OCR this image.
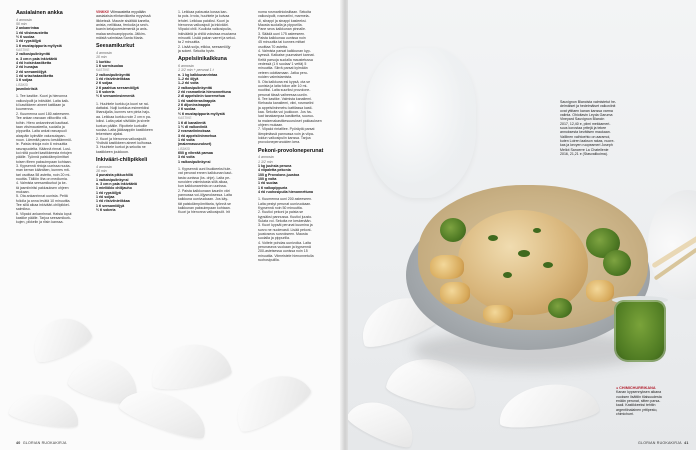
Aasialainen ankka
4 annosta
50 min
2 ankanrintaa
1 rkl viisimaustetta
½ tl suolaa
1 rkl rypsiöljyä
1 tl mustapippuria myllystä
KASTIKE
2 valkosipulinkynttä
n. 3 cm:n pala inkivääriä
4 rkl hoisinkastiketta
2 rkl hunajaa
2 rkl seesamiöljyä
1 rkl sriachakastiketta
1 tl soijaa
LISÄKSI
jasmiiniriisiä
1. Tee kastike. Kuori ja hienonna
valkosipulit ja inkivääri. Laita kaik-
ki kastikkeen aineet kattilaan ja
kuumenna.
2. Kuumenna uuni 180 asteeseen.
Tee ankan rasvaan viiltoviilto viil-
toihin. Hiero ankanrinnat kauttaal-
taan viisimausteella, suolalla ja
pippurilla. Laita ankat rasvapuoli
alaspäin kylmälle valurautapan-
nuun. Lämmitä pannu keskilämmöl-
le. Paista rintoja noin 6 minuuttia
rasvapuolelta. Käännä rinnat. Lusi-
koi niitä puolet kastikkeesta rintojen
päälle. Työnnä paistolämpömittari
toisen fileen paksuimpaan kohtaan.
3. Kypsennä rintoja uunissa nuuta-
man kerran kääntäen, kunnes mit-
tari osoittaa 58 astetta, noin 20 mi-
nuuttia. Tällöin liha on mediumia.
4. Valmista seesamikurkut ja ke-
tä jasmiiniriisi pakkauksen ohjeen
mukaan.
5. Ota ankanrinnat uunista. Peitä
foliolla ja anna levätä 10 minuuttia.
Tee sillä aikaa inkivääri-chilipikkel-
salmikso.
6. Viipaloi ankanrinnat. Hatsia loput
kastike päälle. Tarjoa seesamikurk-
kujen, pikkelin ja riisin kanssa.
VINKKI! Viiimausteita myydään
aasialaisia elintarvikkeita myyvissä
liikkeissä. Mauste sisältää kanelia,
anista, neilikkaa, fenkolia ja sech-
tuanin kelajuuresiemeniä ja anis-
malaa sechuanpippuria. Jälkim-
mäistä valmistaa Santa Maria.
Seesamikurkut
4 annosta
10 min
1 kurkku
1 tl sormisuolaa
KASTIKE
2 valkosipulinkynttä
1 rkl riisiviinietikkaa
2 tl soijaa
2 tl paahtua seesamiöljyä
1 tl sokeria
½ tl seesaminsiemeniä
1. Huuhtele kurkku ja kuori se rai-
dattaksi. Nuiji kurkkua esimerkiksi
lihanuijalla, kunnes sen pinta hajo-
aa. Leikkaa kurkku noin 2 cm:n pa-
loiksi. Laita palat siivilään ja sivele
kurkun päälle. Ripottele kurkuille
suolaa. Laita jääkaappiin kastikkeen
tekemisen ajaksi.
2. Kuori ja hienonna valkosipulit.
Yhdistä kastikkeen aineet kulhossa.
3. Huuhtele kurkut ja sekoita ne
kastikkeen joukkoon.
Inkivääri-chilipikkeli
4 annosta
10 min
4 punaista pikkuchiliä
1 valkosipulinkynsi
n. 3 cm:n pala inkivääriä
1 mieliöklo chilijauho
1 rkl rypsiöljyä
1 rkl soijaa
1 rkl riisiviinietikkaa
1 tl seesamiöljyä
½ tl sokeria
1. Leikkaa paksusta kossa kan-
ta pois. Irrota, huuhtele ja kuivaa
lehdet. Leikkaa paloiksi. Kuori ja
hienonna valkosipuli ja inkivääri.
Viipaloi chili. Kuullota valkosipulia,
inkivääriä ja chiliä voksissa muutama
minuutti. Lisää pakan varret ja sekoi-
ta 2 minuuttia.
2. Lisää soija, etikka, seesamiöljy
ja sokeri. Sekoita hyvin.
Appelsiinikalkkuna
6 annosta
1 1/2 min + perunat 1 t
n. 1 kg kalkkunanrintaa
1–2 rkl öljyä
1–2 rkl voita
2 valkosipulinkynttä
2 rkl rosmariinia hienonnettuna
2 dl appelsiinin tuoremehua
1 rkl vaahterasiirappia
2 tl dijoninsinappia
2 tl suolaa
½ tl mustapippuria myllystä
KASTIKE
1 tl dl kanalientä
1 ½ dl valkoviiniä
2 rosmariininoksaa
3 rkl appelsiininmehua
1 rkl voita
(maizenasuurukset)
LISÄKSI
600 g vihreää parsaa
3 rkl voita
1 valkosipulinkynsi
1. Kypsennä uuni lisukkeeksi tule-
vat perunat ennen kalkkunan kaut-
tasta uunissa (ks. ohje). Laita pe-
runoiden valmistusta sillä aikaa,
kun kalkkunanrinta on uunissa.
2. Paista kalkkunaan kauniin väri
pannussa voi-öljyseoksessa. Laita
kalkkuna uunivuokaan. Jos käy-
tät paistolämpömittaria, työnnä se
kalkkunan paksuimpaan kohtaan.
Kuori ja hienonna valkosipulit. Irit
noma rosmariinioksiltaan. Sekoita
valkosipulit, rosmariini, marmela-
di, siirappi ja sinappi kasleeksi.
Mausta suolalla ja pippurilla.
Pane seos kalkkunan pinnalle.
3. Säädä uuni 175 asteeseen.
Paista kalkkunaa uunissa noin
45 minuuttia tai kunnes mittari
osoittaa 70 astetta.
4. Valmista parsat kalkkunan kyp-
syessä. Katkaise puumaiset kannat.
Keitä parsoja suolalla maustetussa
vedessä (1 tl suolaa/ 1 vettä) 5
minuuttia. Siirrä parsat kylmään
veteen odottamaan. Jatka peru-
noiden valmistamista.
5. Ota kalkkuna esi kypsä, ota se
uunista ja laita folion alle 10 mi-
nuutiksi. Laita suuriksi provolone-
perunat tässä vaiheessa uuniin.
6. Tee kastike. Valmista kanaliemi.
Kiehauta kanaliemi, viini, rosmariini
ja appelsiininmehu kattilassa kasti-
kaa. Sekoita voi joukkoon. Jos ha-
luat tanakampaa kastiketta, suuruo-
ta maizenakastikesuurukset pakkauksen
ohjeen mukaan.
7. Viipaloi rintafilee. Pyöräytä parsat
lämpimässä pannussa voin ja viipa-
loidun valkosipulin kanssa. Tarjoa
provoloneperunoiden kera.
Pekoni-provoloneperunat
4 annosta
1 1/2 min
1 kg juuhsia peruna
4 viipaletta pekonia
100 g Provolone-juustoa
100 g voita
1 rkl suolaa
1 tl valkopippuria
4 rkl ruohosipulia hienonnettuna
1. Kuumenna uuni 200 asteeseen.
Laita pestyt perunat uunivuokaan.
Kypsennä noin 50 minuuttia.
2. Kuutioi pekoni ja paista se
kypsäksi pannussa. Kuutioi juusto.
Sulata voi. Sekoita ne keskenään.
3. Kuori kypsät perunat kuumina ja
survo ne nuolevasti. Lisää pekoni-
juustoseos survokseen. Mausta
suolalla ja pippurilla.
4. Voitele pohdas uunivoika. Laita
perunaseos vuokaan ja kypsennä
200-asteisessa uunissa noin 15
minuuttia. Viimeistele hienonnetulla
ruohosipulilla.
40 GLORIAN RUOKAKIRJA
Sauvignon Blancista valmistetut he-
delmäiset ja hedelmäiset valkoviinit
ovat yttitaen kanan kanssa varma
valinta. Ohioitavin Leyda Garuma
Vineyard Sauvignon Blancin
2017, 12,40 e, piimi mekkameri-
suus korostaa yrttejä ja tekee
annoksesta kevätisen maukaan.
Vaillinen vaihtoehto on aaramoi,
kuten Loiren laakson rakas, nuore-
kas ja kevyen ruopeameri Joseph
Mellot Sancerre La Chatellenie
2016, 21,21 e (Stasvalikoima).
● CHIMICHURRIKANA
Kanan kypsennyksen aikana
vuoksen lisättiin tilaisuudesta
enään perunat, sitten parsa-
kaali. Kastikkeeksi tehtiin
argentiinalainen yrttipesto,
chimichurri.
GLORIAN RUOKAKIRJA 41
